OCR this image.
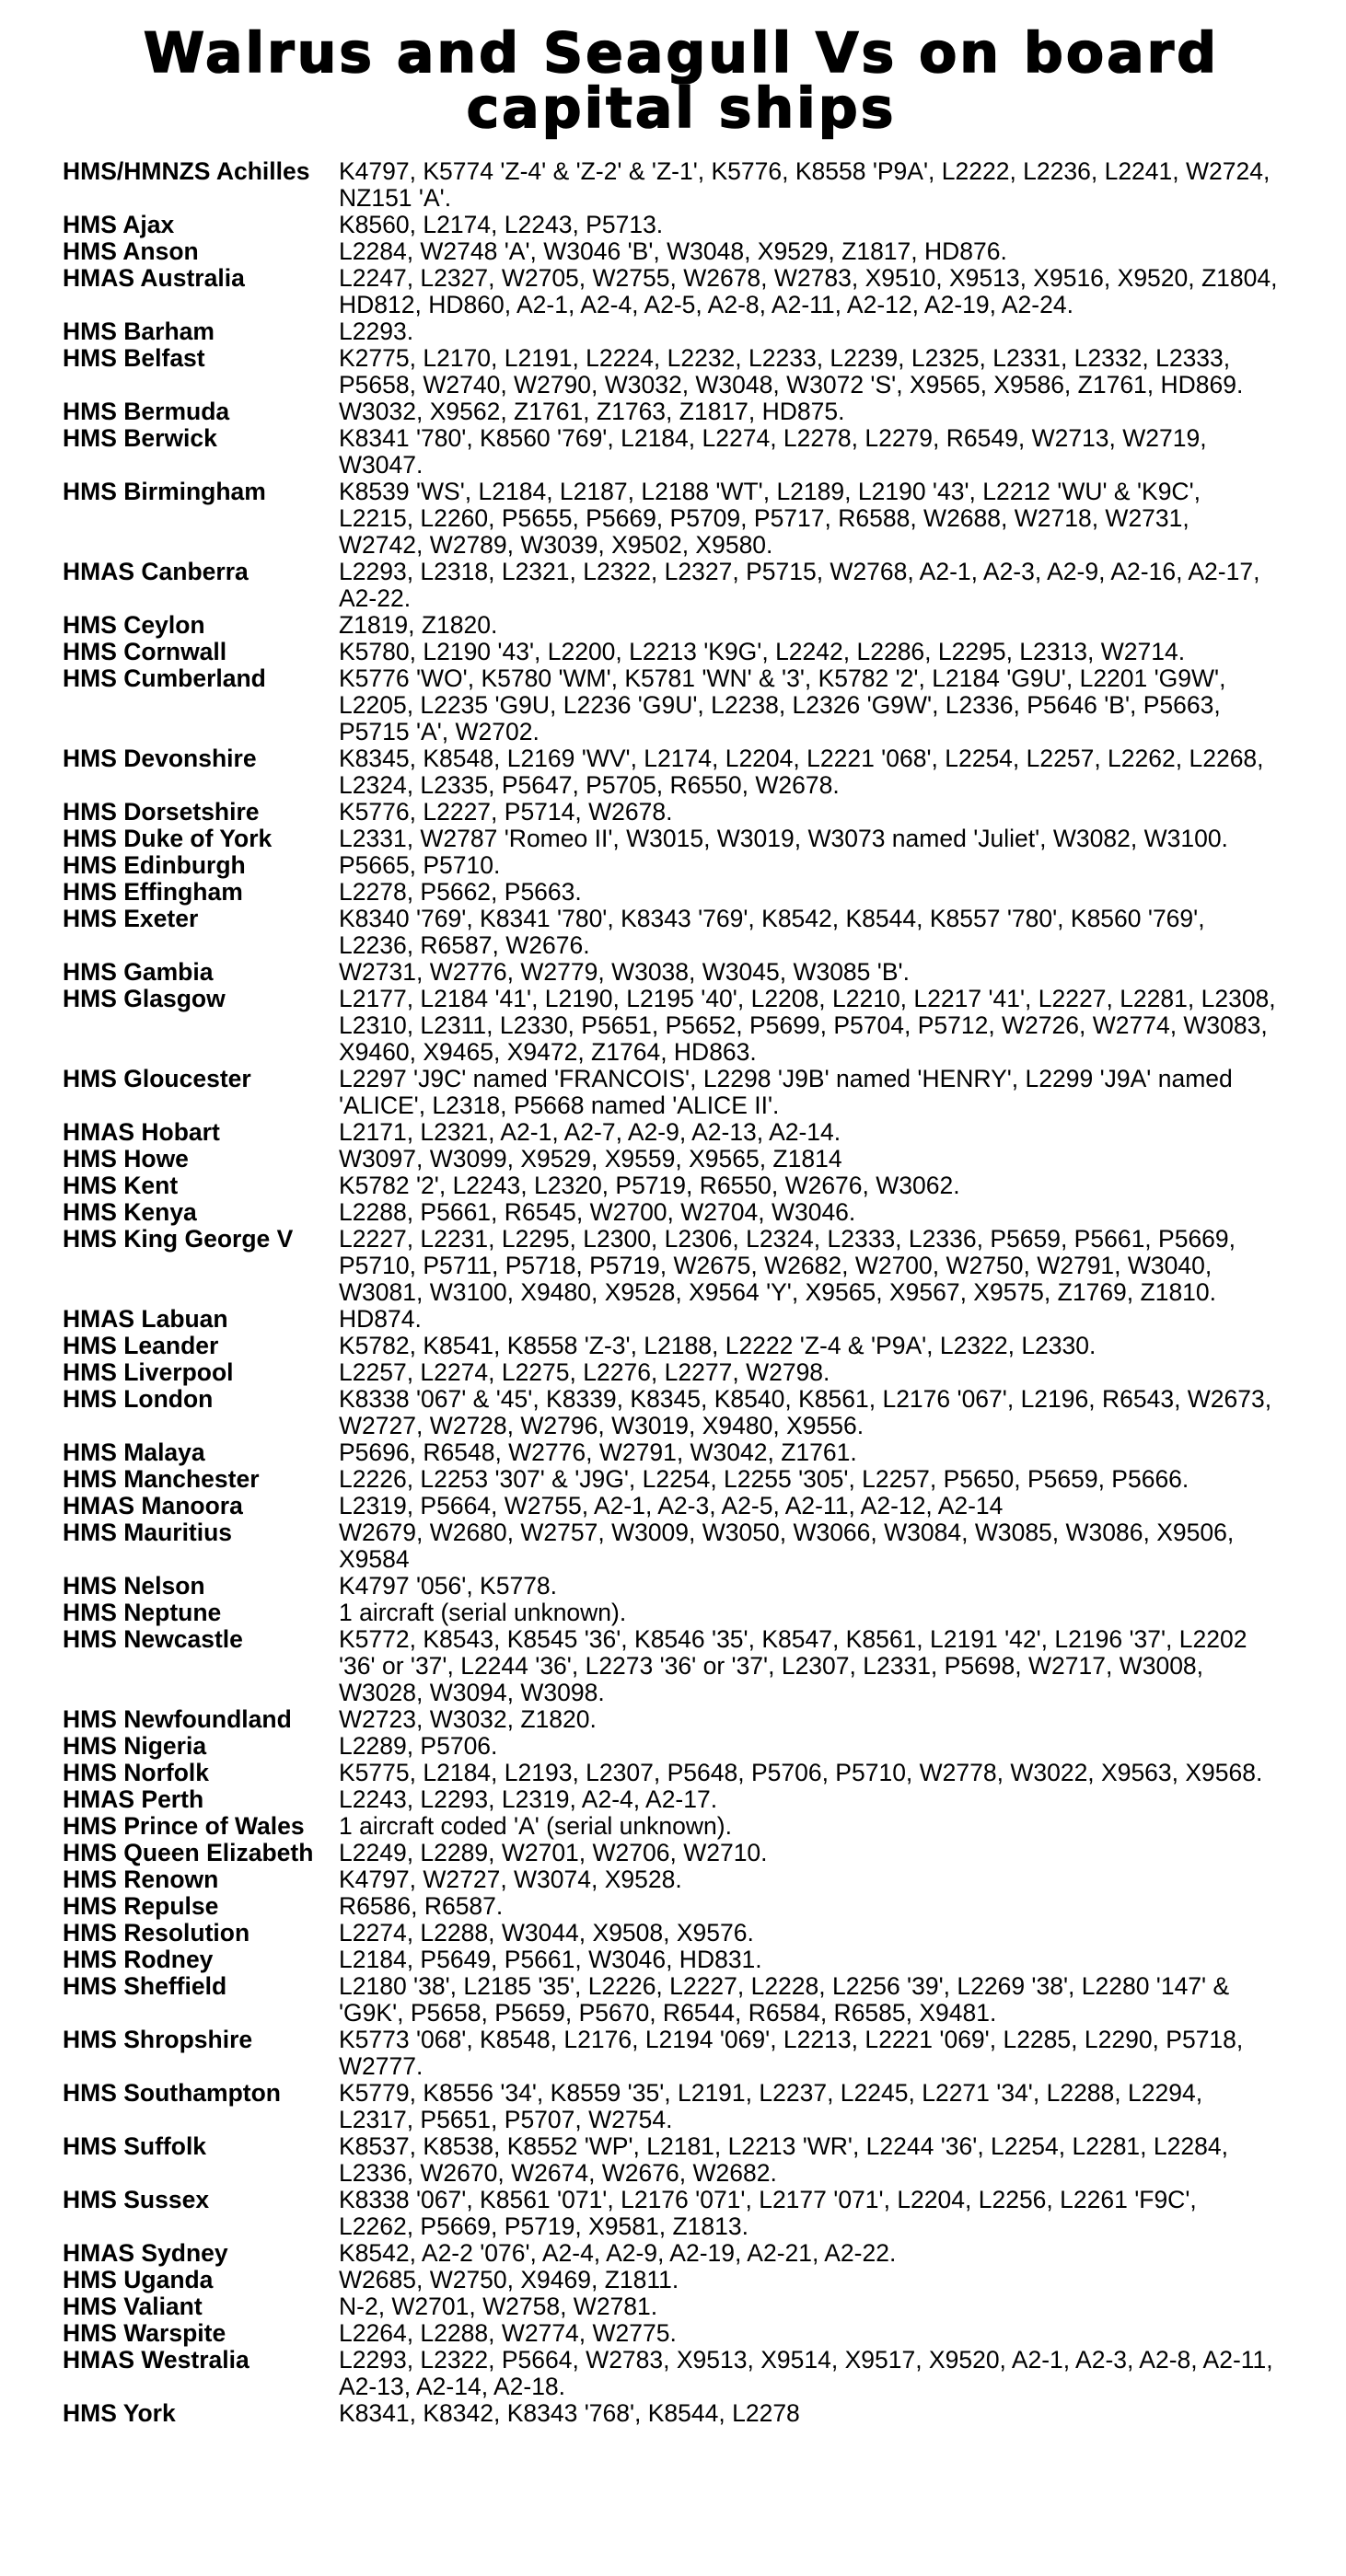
Walrus and Seagull Vs on board
capital ships
HMS/HMNZS Achilles	K4797, K5774 'Z-4' & 'Z-2' & 'Z-1', K5776, K8558 'P9A', L2222, L2236, L2241, W2724, NZ151 'A'.
HMS Ajax	K8560, L2174, L2243, P5713.
HMS Anson	L2284, W2748 'A', W3046 'B', W3048, X9529, Z1817, HD876.
HMAS Australia	L2247, L2327, W2705, W2755, W2678, W2783, X9510, X9513, X9516, X9520, Z1804, HD812, HD860, A2-1, A2-4, A2-5, A2-8, A2-11, A2-12, A2-19, A2-24.
HMS Barham	L2293.
HMS Belfast	K2775, L2170, L2191, L2224, L2232, L2233, L2239, L2325, L2331, L2332, L2333, P5658, W2740, W2790, W3032, W3048, W3072 'S', X9565, X9586, Z1761, HD869.
HMS Bermuda	W3032, X9562, Z1761, Z1763, Z1817, HD875.
HMS Berwick	K8341 '780', K8560 '769', L2184, L2274, L2278, L2279, R6549, W2713, W2719, W3047.
HMS Birmingham	K8539 'WS', L2184, L2187, L2188 'WT', L2189, L2190 '43', L2212 'WU' & 'K9C', L2215, L2260, P5655, P5669, P5709, P5717, R6588, W2688, W2718, W2731, W2742, W2789, W3039, X9502, X9580.
HMAS Canberra	L2293, L2318, L2321, L2322, L2327, P5715, W2768, A2-1, A2-3, A2-9, A2-16, A2-17, A2-22.
HMS Ceylon	Z1819, Z1820.
HMS Cornwall	K5780, L2190 '43', L2200, L2213 'K9G', L2242, L2286, L2295, L2313, W2714.
HMS Cumberland	K5776 'WO', K5780 'WM', K5781 'WN' & '3', K5782 '2', L2184 'G9U', L2201 'G9W', L2205, L2235 'G9U, L2236 'G9U', L2238, L2326 'G9W', L2336, P5646 'B', P5663, P5715 'A', W2702.
HMS Devonshire	K8345, K8548, L2169 'WV', L2174, L2204, L2221 '068', L2254, L2257, L2262, L2268, L2324, L2335, P5647, P5705, R6550, W2678.
HMS Dorsetshire	K5776, L2227, P5714, W2678.
HMS Duke of York	L2331, W2787 'Romeo II', W3015, W3019, W3073 named 'Juliet', W3082, W3100.
HMS Edinburgh	P5665, P5710.
HMS Effingham	L2278, P5662, P5663.
HMS Exeter	K8340 '769', K8341 '780', K8343 '769', K8542, K8544, K8557 '780', K8560 '769', L2236, R6587, W2676.
HMS Gambia	W2731, W2776, W2779, W3038, W3045, W3085 'B'.
HMS Glasgow	L2177, L2184 '41', L2190, L2195 '40', L2208, L2210, L2217 '41', L2227, L2281, L2308, L2310, L2311, L2330, P5651, P5652, P5699, P5704, P5712, W2726, W2774, W3083, X9460, X9465, X9472, Z1764, HD863.
HMS Gloucester	L2297 'J9C' named 'FRANCOIS', L2298 'J9B' named 'HENRY', L2299 'J9A' named 'ALICE', L2318, P5668 named 'ALICE II'.
HMAS Hobart	L2171, L2321, A2-1, A2-7, A2-9, A2-13, A2-14.
HMS Howe	W3097, W3099, X9529, X9559, X9565, Z1814
HMS Kent	K5782 '2', L2243, L2320, P5719, R6550, W2676, W3062.
HMS Kenya	L2288, P5661, R6545, W2700, W2704, W3046.
HMS King George V	L2227, L2231, L2295, L2300, L2306, L2324, L2333, L2336, P5659, P5661, P5669, P5710, P5711, P5718, P5719, W2675, W2682, W2700, W2750, W2791, W3040, W3081, W3100, X9480, X9528, X9564 'Y', X9565, X9567, X9575, Z1769, Z1810.
HMAS Labuan	HD874.
HMS Leander	K5782, K8541, K8558 'Z-3', L2188, L2222 'Z-4 & 'P9A', L2322, L2330.
HMS Liverpool	L2257, L2274, L2275, L2276, L2277, W2798.
HMS London	K8338 '067' & '45', K8339, K8345, K8540, K8561, L2176 '067', L2196, R6543, W2673, W2727, W2728, W2796, W3019, X9480, X9556.
HMS Malaya	P5696, R6548, W2776, W2791, W3042, Z1761.
HMS Manchester	L2226, L2253 '307' & 'J9G', L2254, L2255 '305', L2257, P5650, P5659, P5666.
HMAS Manoora	L2319, P5664, W2755, A2-1, A2-3, A2-5, A2-11, A2-12, A2-14
HMS Mauritius	W2679, W2680, W2757, W3009, W3050, W3066, W3084, W3085, W3086, X9506, X9584
HMS Nelson	K4797 '056', K5778.
HMS Neptune	1 aircraft (serial unknown).
HMS Newcastle	K5772, K8543, K8545 '36', K8546 '35', K8547, K8561, L2191 '42', L2196 '37', L2202 '36' or '37', L2244 '36', L2273 '36' or '37', L2307, L2331, P5698, W2717, W3008, W3028, W3094, W3098.
HMS Newfoundland	W2723, W3032, Z1820.
HMS Nigeria	L2289, P5706.
HMS Norfolk	K5775, L2184, L2193, L2307, P5648, P5706, P5710, W2778, W3022, X9563, X9568.
HMAS Perth	L2243, L2293, L2319, A2-4, A2-17.
HMS Prince of Wales	1 aircraft coded 'A' (serial unknown).
HMS Queen Elizabeth	L2249, L2289, W2701, W2706, W2710.
HMS Renown	K4797, W2727, W3074, X9528.
HMS Repulse	R6586, R6587.
HMS Resolution	L2274, L2288, W3044, X9508, X9576.
HMS Rodney	L2184, P5649, P5661, W3046, HD831.
HMS Sheffield	L2180 '38', L2185 '35', L2226, L2227, L2228, L2256 '39', L2269 '38', L2280 '147' & 'G9K', P5658, P5659, P5670, R6544, R6584, R6585, X9481.
HMS Shropshire	K5773 '068', K8548, L2176, L2194 '069', L2213, L2221 '069', L2285, L2290, P5718, W2777.
HMS Southampton	K5779, K8556 '34', K8559 '35', L2191, L2237, L2245, L2271 '34', L2288, L2294, L2317, P5651, P5707, W2754.
HMS Suffolk	K8537, K8538, K8552 'WP', L2181, L2213 'WR', L2244 '36', L2254, L2281, L2284, L2336, W2670, W2674, W2676, W2682.
HMS Sussex	K8338 '067', K8561 '071', L2176 '071', L2177 '071', L2204, L2256, L2261 'F9C', L2262, P5669, P5719, X9581, Z1813.
HMAS Sydney	K8542, A2-2 '076', A2-4, A2-9, A2-19, A2-21, A2-22.
HMS Uganda	W2685, W2750, X9469, Z1811.
HMS Valiant	N-2, W2701, W2758, W2781.
HMS Warspite	L2264, L2288, W2774, W2775.
HMAS Westralia	L2293, L2322, P5664, W2783, X9513, X9514, X9517, X9520, A2-1, A2-3, A2-8, A2-11, A2-13, A2-14, A2-18.
HMS York	K8341, K8342, K8343 '768', K8544, L2278
